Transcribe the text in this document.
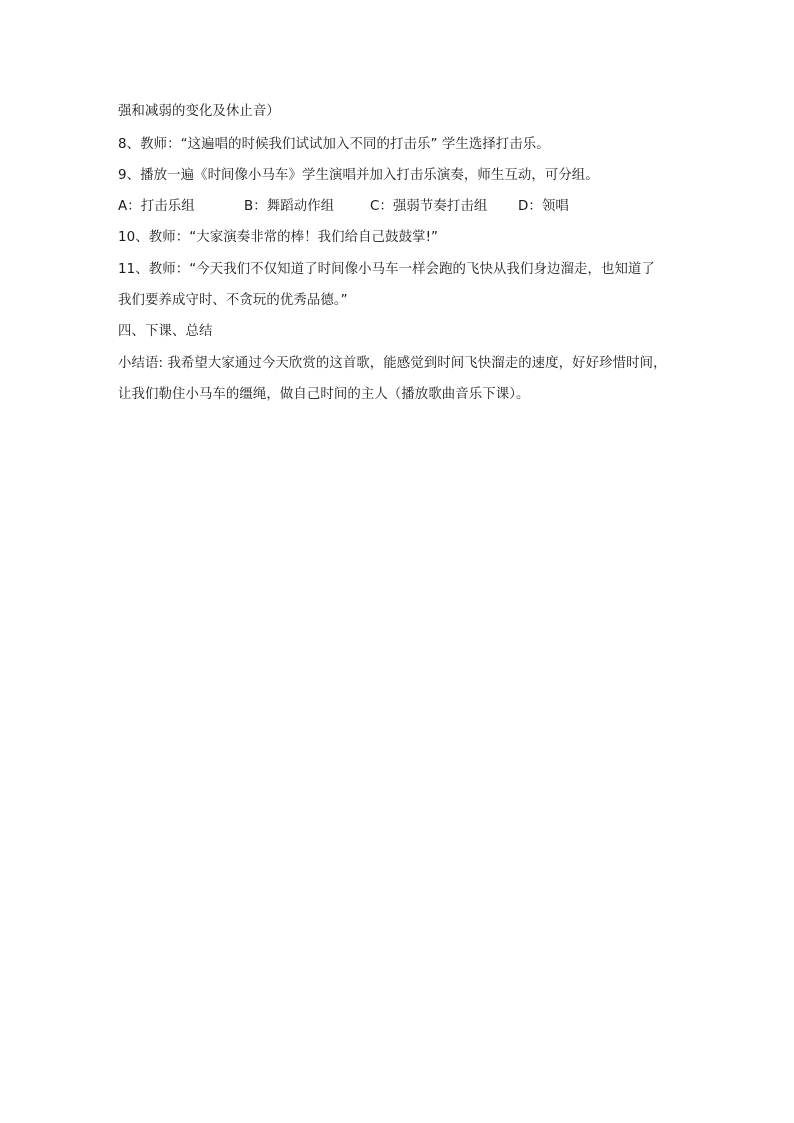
强和减弱的变化及休止音）
8、教师：“这遍唱的时候我们试试加入不同的打击乐” 学生选择打击乐。
9、播放一遍《时间像小马车》学生演唱并加入打击乐演奏，师生互动，可分组。
A：打击乐组	B：舞蹈动作组	C：强弱节奏打击组 D：领唱
10、教师：“大家演奏非常的棒！我们给自己鼓鼓掌!”
11、教师：“今天我们不仅知道了时间像小马车一样会跑的飞快从我们身边溜走，也知道了
我们要养成守时、不贪玩的优秀品德。”
四、下课、总结
小结语: 我希望大家通过今天欣赏的这首歌，能感觉到时间飞快溜走的速度，好好珍惜时间，
让我们勒住小马车的缰绳，做自己时间的主人（播放歌曲音乐下课）。
